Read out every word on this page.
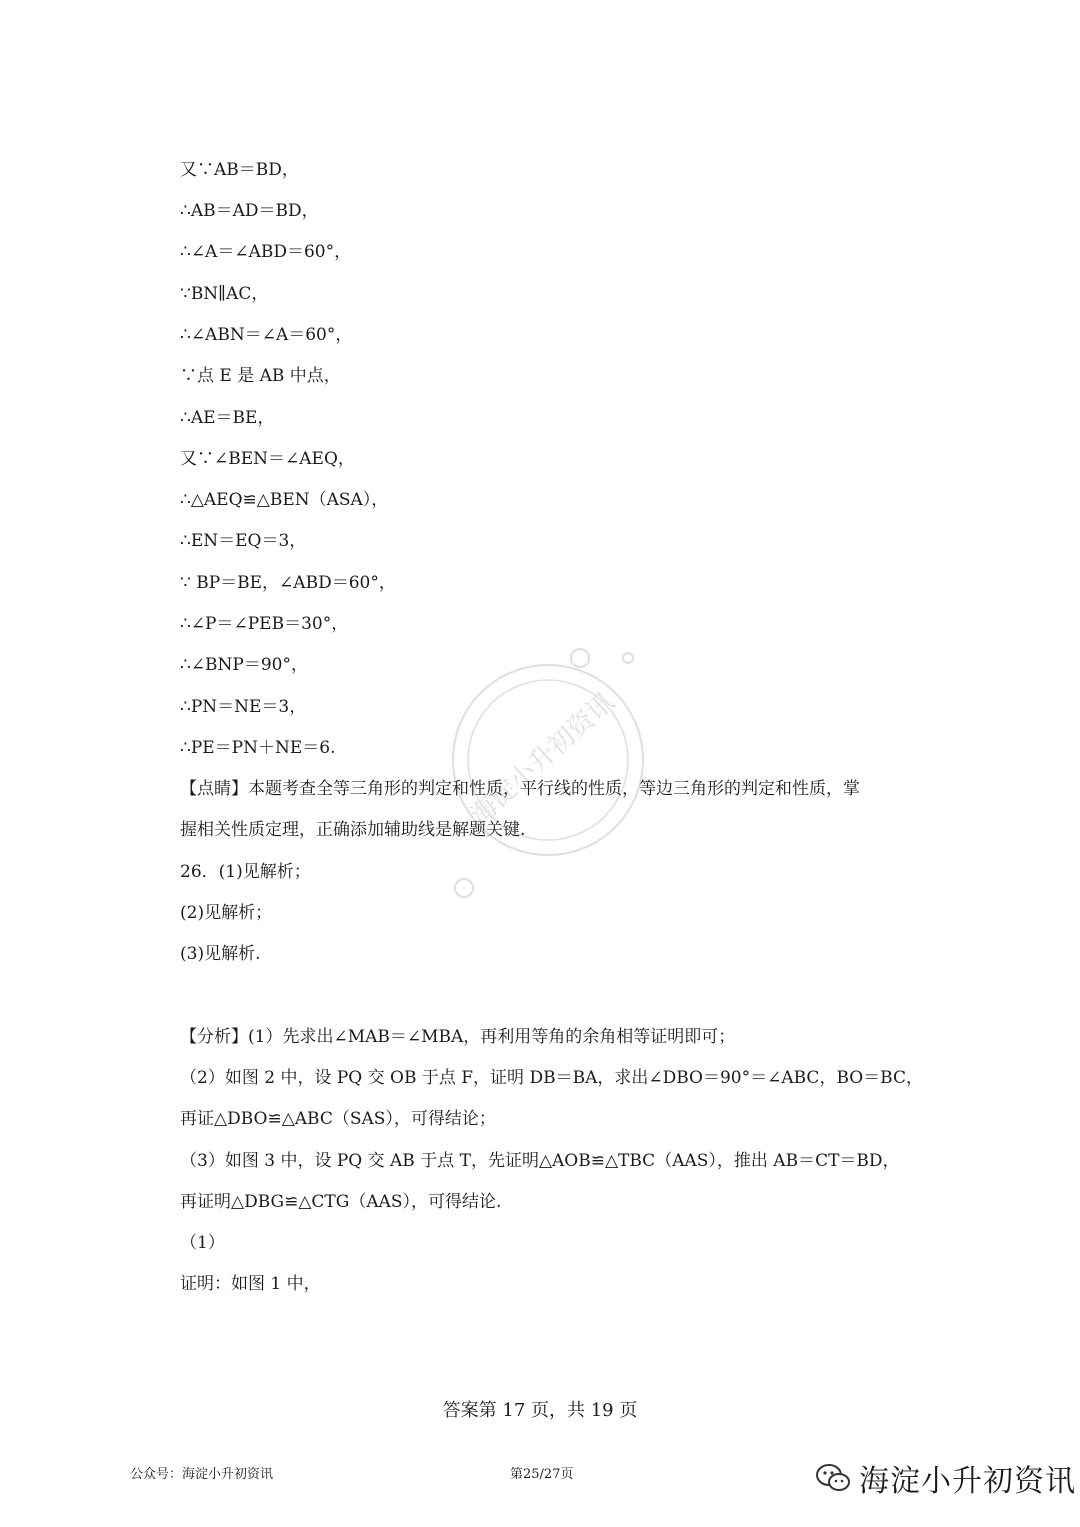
又∵AB＝BD，
∴AB＝AD＝BD，
∴∠A＝∠ABD＝60°，
∵BN∥AC，
∴∠ABN＝∠A＝60°，
∵点 E 是 AB 中点，
∴AE＝BE，
又∵∠BEN＝∠AEQ，
∴△AEQ≌△BEN（ASA），
∴EN＝EQ＝3，
∵ BP＝BE，∠ABD＝60°，
∴∠P＝∠PEB＝30°，
∴∠BNP＝90°，
∴PN＝NE＝3，
∴PE＝PN＋NE＝6.
【点睛】本题考查全等三角形的判定和性质，平行线的性质，等边三角形的判定和性质，掌
握相关性质定理，正确添加辅助线是解题关键.
26．(1)见解析；
(2)见解析；
(3)见解析.
【分析】(1）先求出∠MAB＝∠MBA，再利用等角的余角相等证明即可；
（2）如图 2 中，设 PQ 交 OB 于点 F，证明 DB＝BA，求出∠DBO＝90°＝∠ABC，BO＝BC，
再证△DBO≌△ABC（SAS），可得结论；
（3）如图 3 中，设 PQ 交 AB 于点 T，先证明△AOB≌△TBC（AAS），推出 AB＝CT＝BD，
再证明△DBG≌△CTG（AAS），可得结论.
（1）
证明：如图 1 中，
海淀小升初资讯
答案第 17 页，共 19 页
公众号：海淀小升初资讯	第25/27页	海淀小升初资讯
